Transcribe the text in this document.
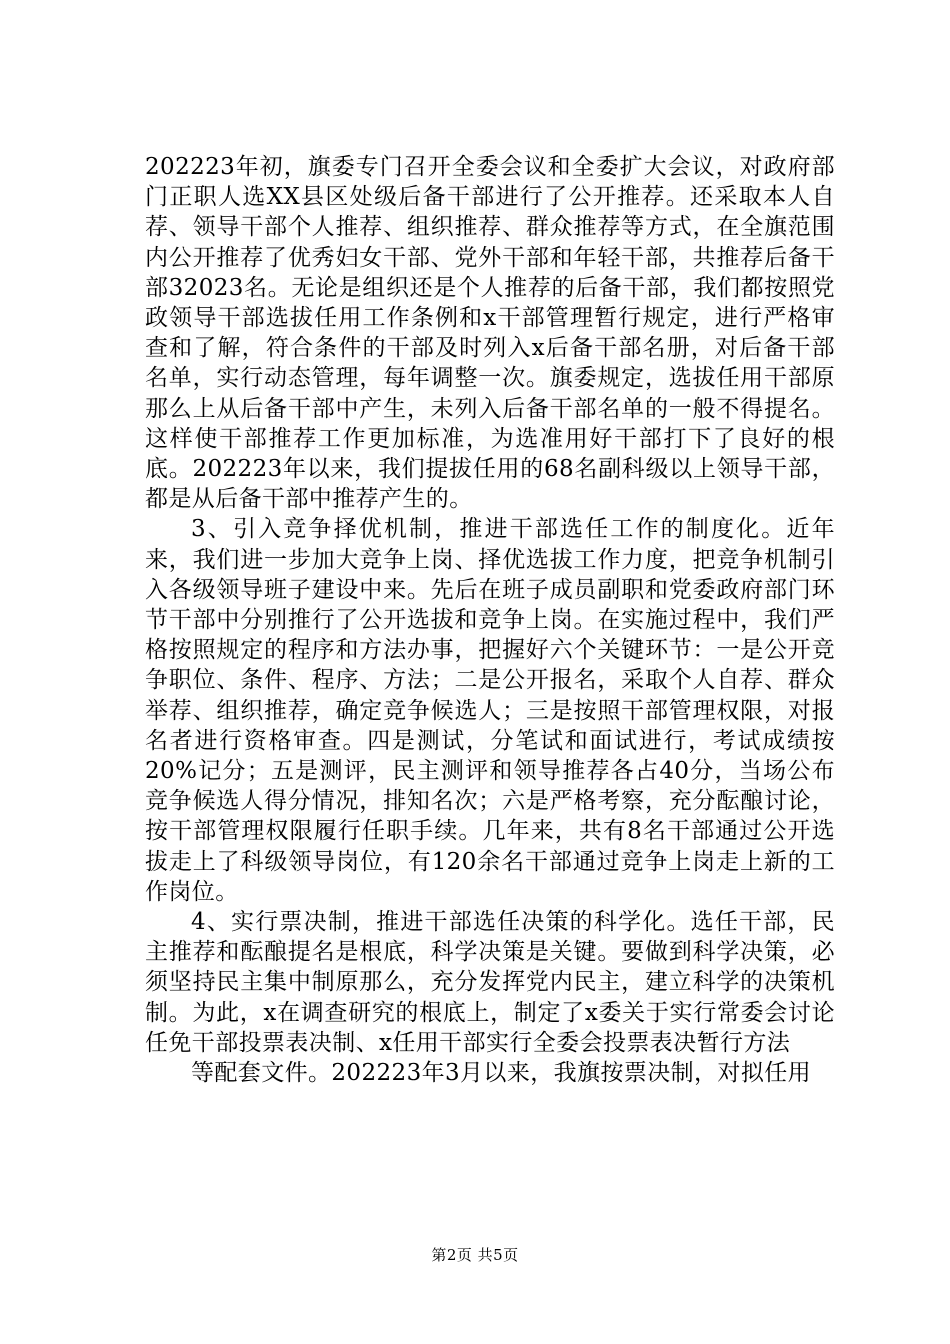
202223年初，旗委专门召开全委会议和全委扩大会议，对政府部门正职人选XX县区处级后备干部进行了公开推荐。还采取本人自荐、领导干部个人推荐、组织推荐、群众推荐等方式，在全旗范围内公开推荐了优秀妇女干部、党外干部和年轻干部，共推荐后备干部32023名。无论是组织还是个人推荐的后备干部，我们都按照党政领导干部选拔任用工作条例和x干部管理暂行规定，进行严格审查和了解，符合条件的干部及时列入x后备干部名册，对后备干部名单，实行动态管理，每年调整一次。旗委规定，选拔任用干部原那么上从后备干部中产生，未列入后备干部名单的一般不得提名。这样使干部推荐工作更加标准，为选准用好干部打下了良好的根底。202223年以来，我们提拔任用的68名副科级以上领导干部，都是从后备干部中推荐产生的。

3、引入竞争择优机制，推进干部选任工作的制度化。近年来，我们进一步加大竞争上岗、择优选拔工作力度，把竞争机制引入各级领导班子建设中来。先后在班子成员副职和党委政府部门环节干部中分别推行了公开选拔和竞争上岗。在实施过程中，我们严格按照规定的程序和方法办事，把握好六个关键环节：一是公开竞争职位、条件、程序、方法；二是公开报名，采取个人自荐、群众举荐、组织推荐，确定竞争候选人；三是按照干部管理权限，对报名者进行资格审查。四是测试，分笔试和面试进行，考试成绩按20%记分；五是测评，民主测评和领导推荐各占40分，当场公布竞争候选人得分情况，排知名次；六是严格考察，充分酝酿讨论，按干部管理权限履行任职手续。几年来，共有8名干部通过公开选拔走上了科级领导岗位，有120余名干部通过竞争上岗走上新的工作岗位。

4、实行票决制，推进干部选任决策的科学化。选任干部，民主推荐和酝酿提名是根底，科学决策是关键。要做到科学决策，必须坚持民主集中制原那么，充分发挥党内民主，建立科学的决策机制。为此，x在调查研究的根底上，制定了x委关于实行常委会讨论任免干部投票表决制、x任用干部实行全委会投票表决暂行方法

等配套文件。202223年3月以来，我旗按票决制，对拟任用

第2页 共5页
